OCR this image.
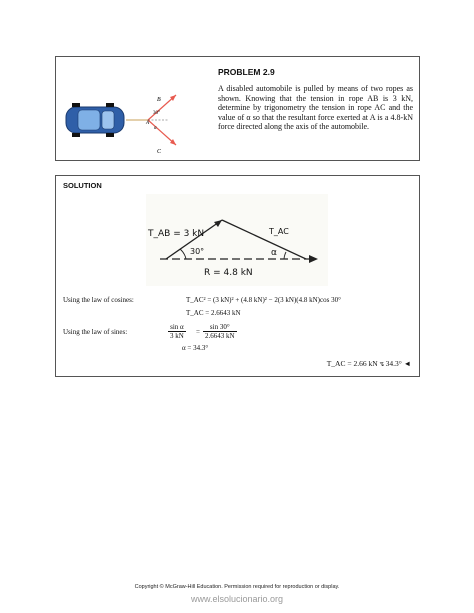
B
C
30°
α
A
PROBLEM 2.9
A disabled automobile is pulled by means of two ropes as shown. Knowing that the tension in rope AB is 3 kN, determine by trigonometry the tension in rope AC and the value of α so that the resultant force exerted at A is a 4.8-kN force directed along the axis of the automobile.
SOLUTION
T_AB = 3 kN	T_AC
30°	α
R = 4.8 kN
Using the law of cosines:	T_AC² = (3 kN)² + (4.8 kN)² − 2(3 kN)(4.8 kN)cos 30°
T_AC = 2.6643 kN
Using the law of sines:	$\frac{\text{sin α}}{3 kN} = \frac{\sin 30^\circ}{2.6643 kN}$
α = 34.3°
T_AC = 2.66 kN ⦪ 34.3° ◄
Copyright © McGraw-Hill Education. Permission required for reproduction or display.
www.elsolucionario.org
